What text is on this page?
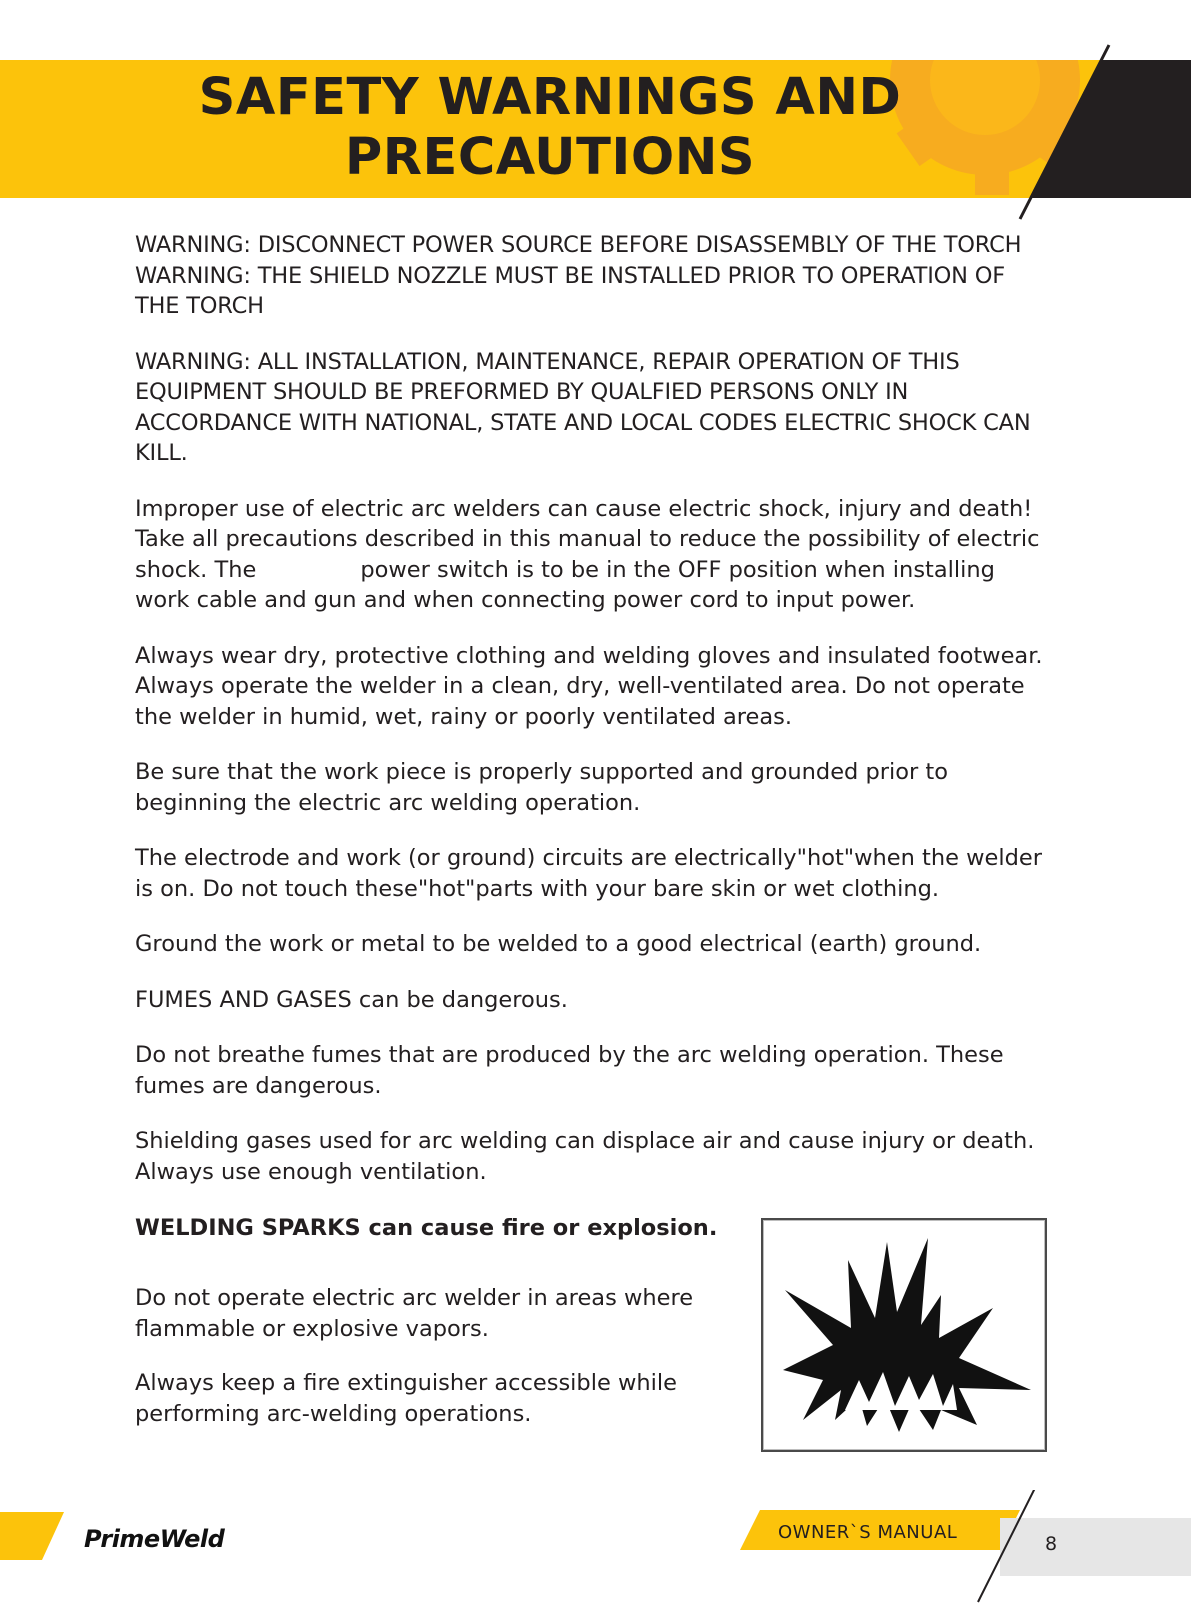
SAFETY WARNINGS AND
PRECAUTIONS

WARNING: DISCONNECT POWER SOURCE BEFORE DISASSEMBLY OF THE TORCH
WARNING: THE SHIELD NOZZLE MUST BE INSTALLED PRIOR TO OPERATION OF
THE TORCH

WARNING: ALL INSTALLATION, MAINTENANCE, REPAIR OPERATION OF THIS EQUIPMENT SHOULD BE PREFORMED BY QUALFIED PERSONS ONLY IN ACCORDANCE WITH NATIONAL, STATE AND LOCAL CODES ELECTRIC SHOCK CAN KILL.

Improper use of electric arc welders can cause electric shock, injury and death! Take all precautions described in this manual to reduce the possibility of electric shock. The	power switch is to be in the OFF position when installing work cable and gun and when connecting power cord to input power.

Always wear dry, protective clothing and welding gloves and insulated footwear. Always operate the welder in a clean, dry, well-ventilated area. Do not operate the welder in humid, wet, rainy or poorly ventilated areas.

Be sure that the work piece is properly supported and grounded prior to beginning the electric arc welding operation.

The electrode and work (or ground) circuits are electrically"hot"when the welder is on. Do not touch these"hot"parts with your bare skin or wet clothing.

Ground the work or metal to be welded to a good electrical (earth) ground.

FUMES AND GASES can be dangerous.

Do not breathe fumes that are produced by the arc welding operation. These fumes are dangerous.

Shielding gases used for arc welding can displace air and cause injury or death. Always use enough ventilation.

WELDING SPARKS can cause fire or explosion.

Do not operate electric arc welder in areas where flammable or explosive vapors.

Always keep a fire extinguisher accessible while performing arc-welding operations.

PrimeWeld	OWNER`S MANUAL
8
